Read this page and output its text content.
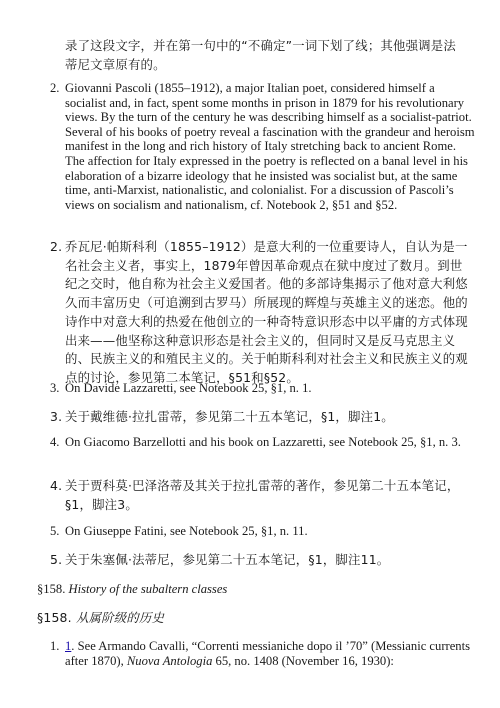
录了这段文字，并在第一句中的“不确定”一词下划了线；其他强调是法蒂尼文章原有的。

2. Giovanni Pascoli (1855–1912), a major Italian poet, considered himself a socialist and, in fact, spent some months in prison in 1879 for his revolutionary views. By the turn of the century he was describing himself as a socialist-patriot. Several of his books of poetry reveal a fascination with the grandeur and heroism manifest in the long and rich history of Italy stretching back to ancient Rome. The affection for Italy expressed in the poetry is reflected on a banal level in his elaboration of a bizarre ideology that he insisted was socialist but, at the same time, anti-Marxist, nationalistic, and colonialist. For a discussion of Pascoli’s views on socialism and nationalism, cf. Notebook 2, §51 and §52.
2. 乔瓦尼·帕斯科利（1855–1912）是意大利的一位重要诗人，自认为是一名社会主义者，事实上，1879年曾因革命观点在狱中度过了数月。到世纪之交时，他自称为社会主义爱国者。他的多部诗集揭示了他对意大利悠久而丰富历史（可追溯到古罗马）所展现的辉煌与英雄主义的迷恋。他的诗作中对意大利的热爱在他创立的一种奇特意识形态中以平庸的方式体现出来——他坚称这种意识形态是社会主义的，但同时又是反马克思主义的、民族主义的和殖民主义的。关于帕斯科利对社会主义和民族主义的观点的讨论，参见第二本笔记，§51和§52。
3. On Davide Lazzaretti, see Notebook 25, §1, n. 1.
3. 关于戴维德·拉扎雷蒂，参见第二十五本笔记，§1，脚注1。
4. On Giacomo Barzellotti and his book on Lazzaretti, see Notebook 25, §1, n. 3.
4. 关于贾科莫·巴泽洛蒂及其关于拉扎雷蒂的著作，参见第二十五本笔记，§1，脚注3。
5. On Giuseppe Fatini, see Notebook 25, §1, n. 11.
5. 关于朱塞佩·法蒂尼，参见第二十五本笔记，§1，脚注11。

§158. History of the subaltern classes

§158. 从属阶级的历史

1. 1. See Armando Cavalli, “Correnti messianiche dopo il ’70” (Messianic currents after 1870), Nuova Antologia 65, no. 1408 (November 16, 1930):
